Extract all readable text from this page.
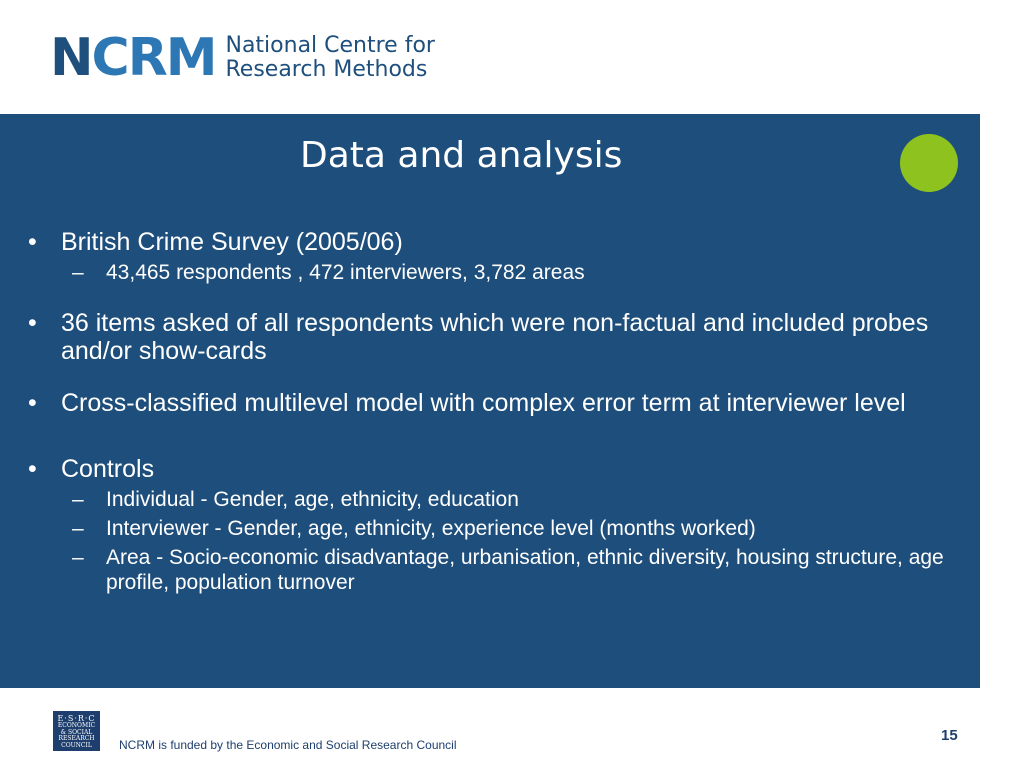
NCRM National Centre for
Research Methods
Data and analysis
• British Crime Survey (2005/06)
–	43,465 respondents , 472 interviewers, 3,782 areas
• 36 items asked of all respondents which were non-factual and included probes and/or show-cards
• Cross-classified multilevel model with complex error term at interviewer level
• Controls
–	Individual - Gender, age, ethnicity, education
–	Interviewer - Gender, age, ethnicity, experience level (months worked)
–	Area - Socio-economic disadvantage, urbanisation, ethnic diversity, housing structure, age profile, population turnover
E·S·R·C
ECONOMIC
& SOCIAL
RESEARCH
COUNCIL	NCRM is funded by the Economic and Social Research Council
15
